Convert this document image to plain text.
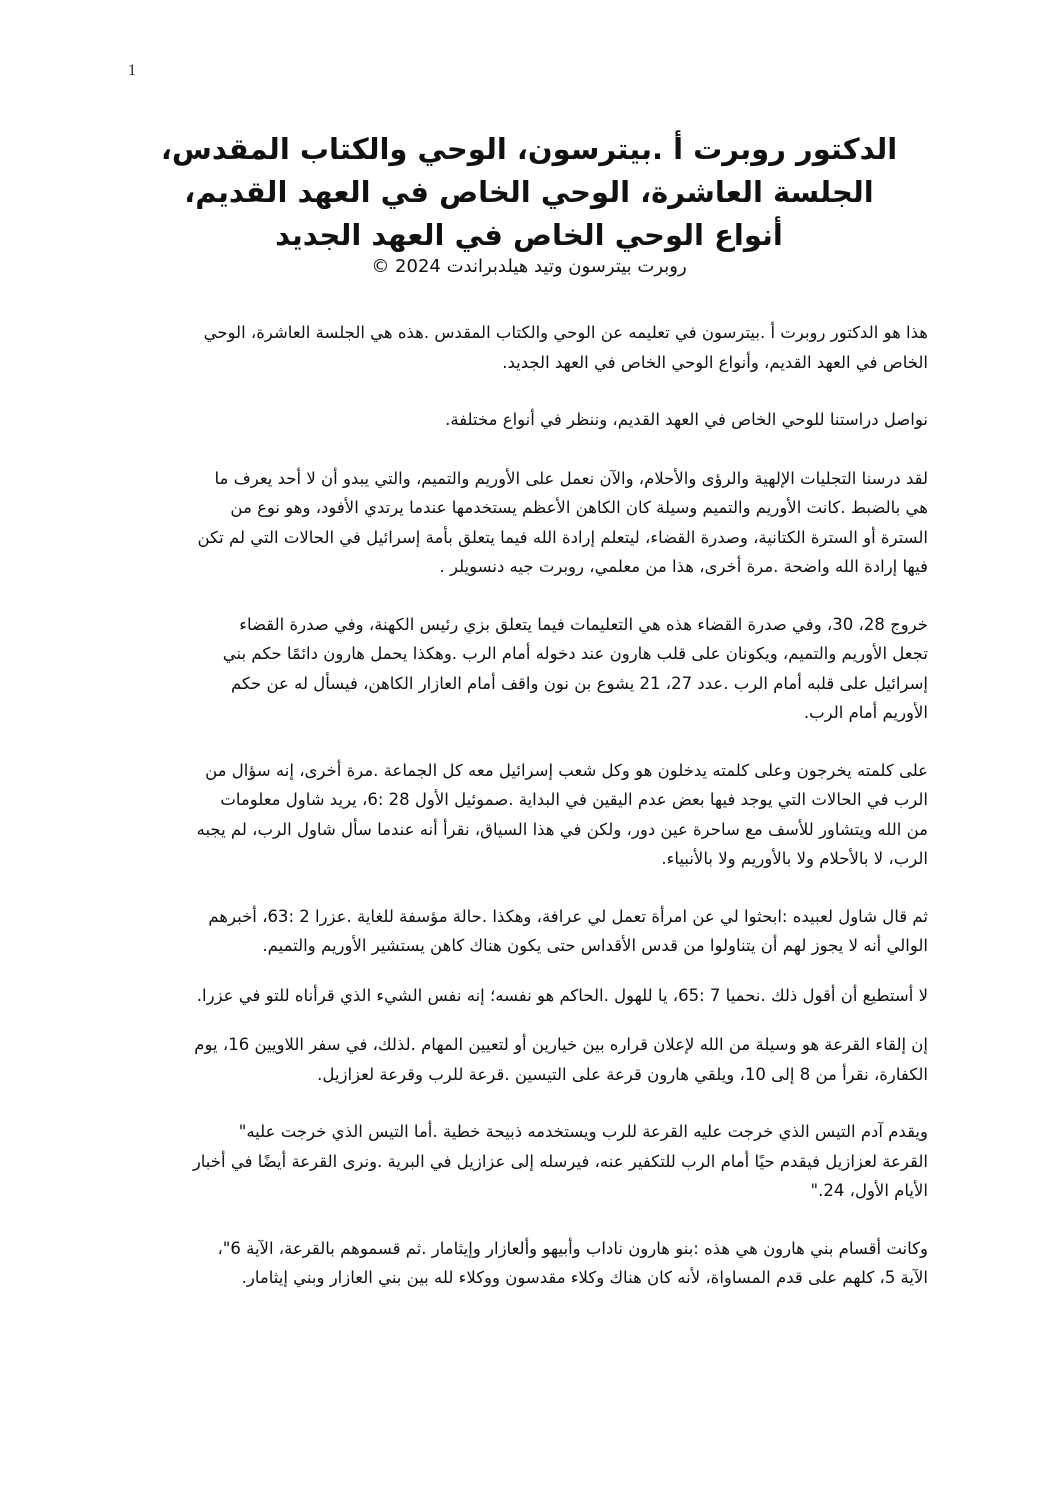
1
الدكتور روبرت أ .بيترسون، الوحي والكتاب المقدس،
الجلسة العاشرة، الوحي الخاص في العهد القديم،
أنواع الوحي الخاص في العهد الجديد
روبرت بيترسون وتيد هيلدبراندت 2024 ©

هذا هو الدكتور روبرت أ .بيترسون في تعليمه عن الوحي والكتاب المقدس .هذه هي الجلسة العاشرة، الوحي
الخاص في العهد القديم، وأنواع الوحي الخاص في العهد الجديد.

نواصل دراستنا للوحي الخاص في العهد القديم، وننظر في أنواع مختلفة.

لقد درسنا التجليات الإلهية والرؤى والأحلام، والآن نعمل على الأوريم والتميم، والتي يبدو أن لا أحد يعرف ما
هي بالضبط .كانت الأوريم والتميم وسيلة كان الكاهن الأعظم يستخدمها عندما يرتدي الأفود، وهو نوع من
السترة أو السترة الكتانية، وصدرة القضاء، ليتعلم إرادة الله فيما يتعلق بأمة إسرائيل في الحالات التي لم تكن
فيها إرادة الله واضحة .مرة أخرى، هذا من معلمي، روبرت جيه دنسويلر .

خروج 28، 30، وفي صدرة القضاء هذه هي التعليمات فيما يتعلق بزي رئيس الكهنة، وفي صدرة القضاء
تجعل الأوريم والتميم، ويكونان على قلب هارون عند دخوله أمام الرب .وهكذا يحمل هارون دائمًا حكم بني
إسرائيل على قلبه أمام الرب .عدد 27، 21 يشوع بن نون واقف أمام العازار الكاهن، فيسأل له عن حكم
الأوريم أمام الرب.

على كلمته يخرجون وعلى كلمته يدخلون هو وكل شعب إسرائيل معه كل الجماعة .مرة أخرى، إنه سؤال من
الرب في الحالات التي يوجد فيها بعض عدم اليقين في البداية .صموئيل الأول 28 :6، يريد شاول معلومات
من الله ويتشاور للأسف مع ساحرة عين دور، ولكن في هذا السياق، نقرأ أنه عندما سأل شاول الرب، لم يجبه
الرب، لا بالأحلام ولا بالأوريم ولا بالأنبياء.

ثم قال شاول لعبيده :ابحثوا لي عن امرأة تعمل لي عرافة، وهكذا .حالة مؤسفة للغاية .عزرا 2 :63، أخبرهم
الوالي أنه لا يجوز لهم أن يتناولوا من قدس الأقداس حتى يكون هناك كاهن يستشير الأوريم والتميم.

لا أستطيع أن أقول ذلك .نحميا 7 :65، يا للهول .الحاكم هو نفسه؛ إنه نفس الشيء الذي قرأناه للتو في عزرا.

إن إلقاء القرعة هو وسيلة من الله لإعلان قراره بين خيارين أو لتعيين المهام .لذلك، في سفر اللاويين 16، يوم
الكفارة، نقرأ من 8 إلى 10، ويلقي هارون قرعة على التيسين .قرعة للرب وقرعة لعزازيل.

ويقدم آدم التيس الذي خرجت عليه القرعة للرب ويستخدمه ذبيحة خطية .أما التيس الذي خرجت عليه"
القرعة لعزازيل فيقدم حيًا أمام الرب للتكفير عنه، فيرسله إلى عزازيل في البرية .ونرى القرعة أيضًا في أخبار
الأيام الأول، 24."

وكانت أقسام بني هارون هي هذه :بنو هارون ناداب وأبيهو وألعازار وإيثامار .ثم قسموهم بالقرعة، الآية 6"،
الآية 5، كلهم على قدم المساواة، لأنه كان هناك وكلاء مقدسون ووكلاء لله بين بني العازار وبني إيثامار.
